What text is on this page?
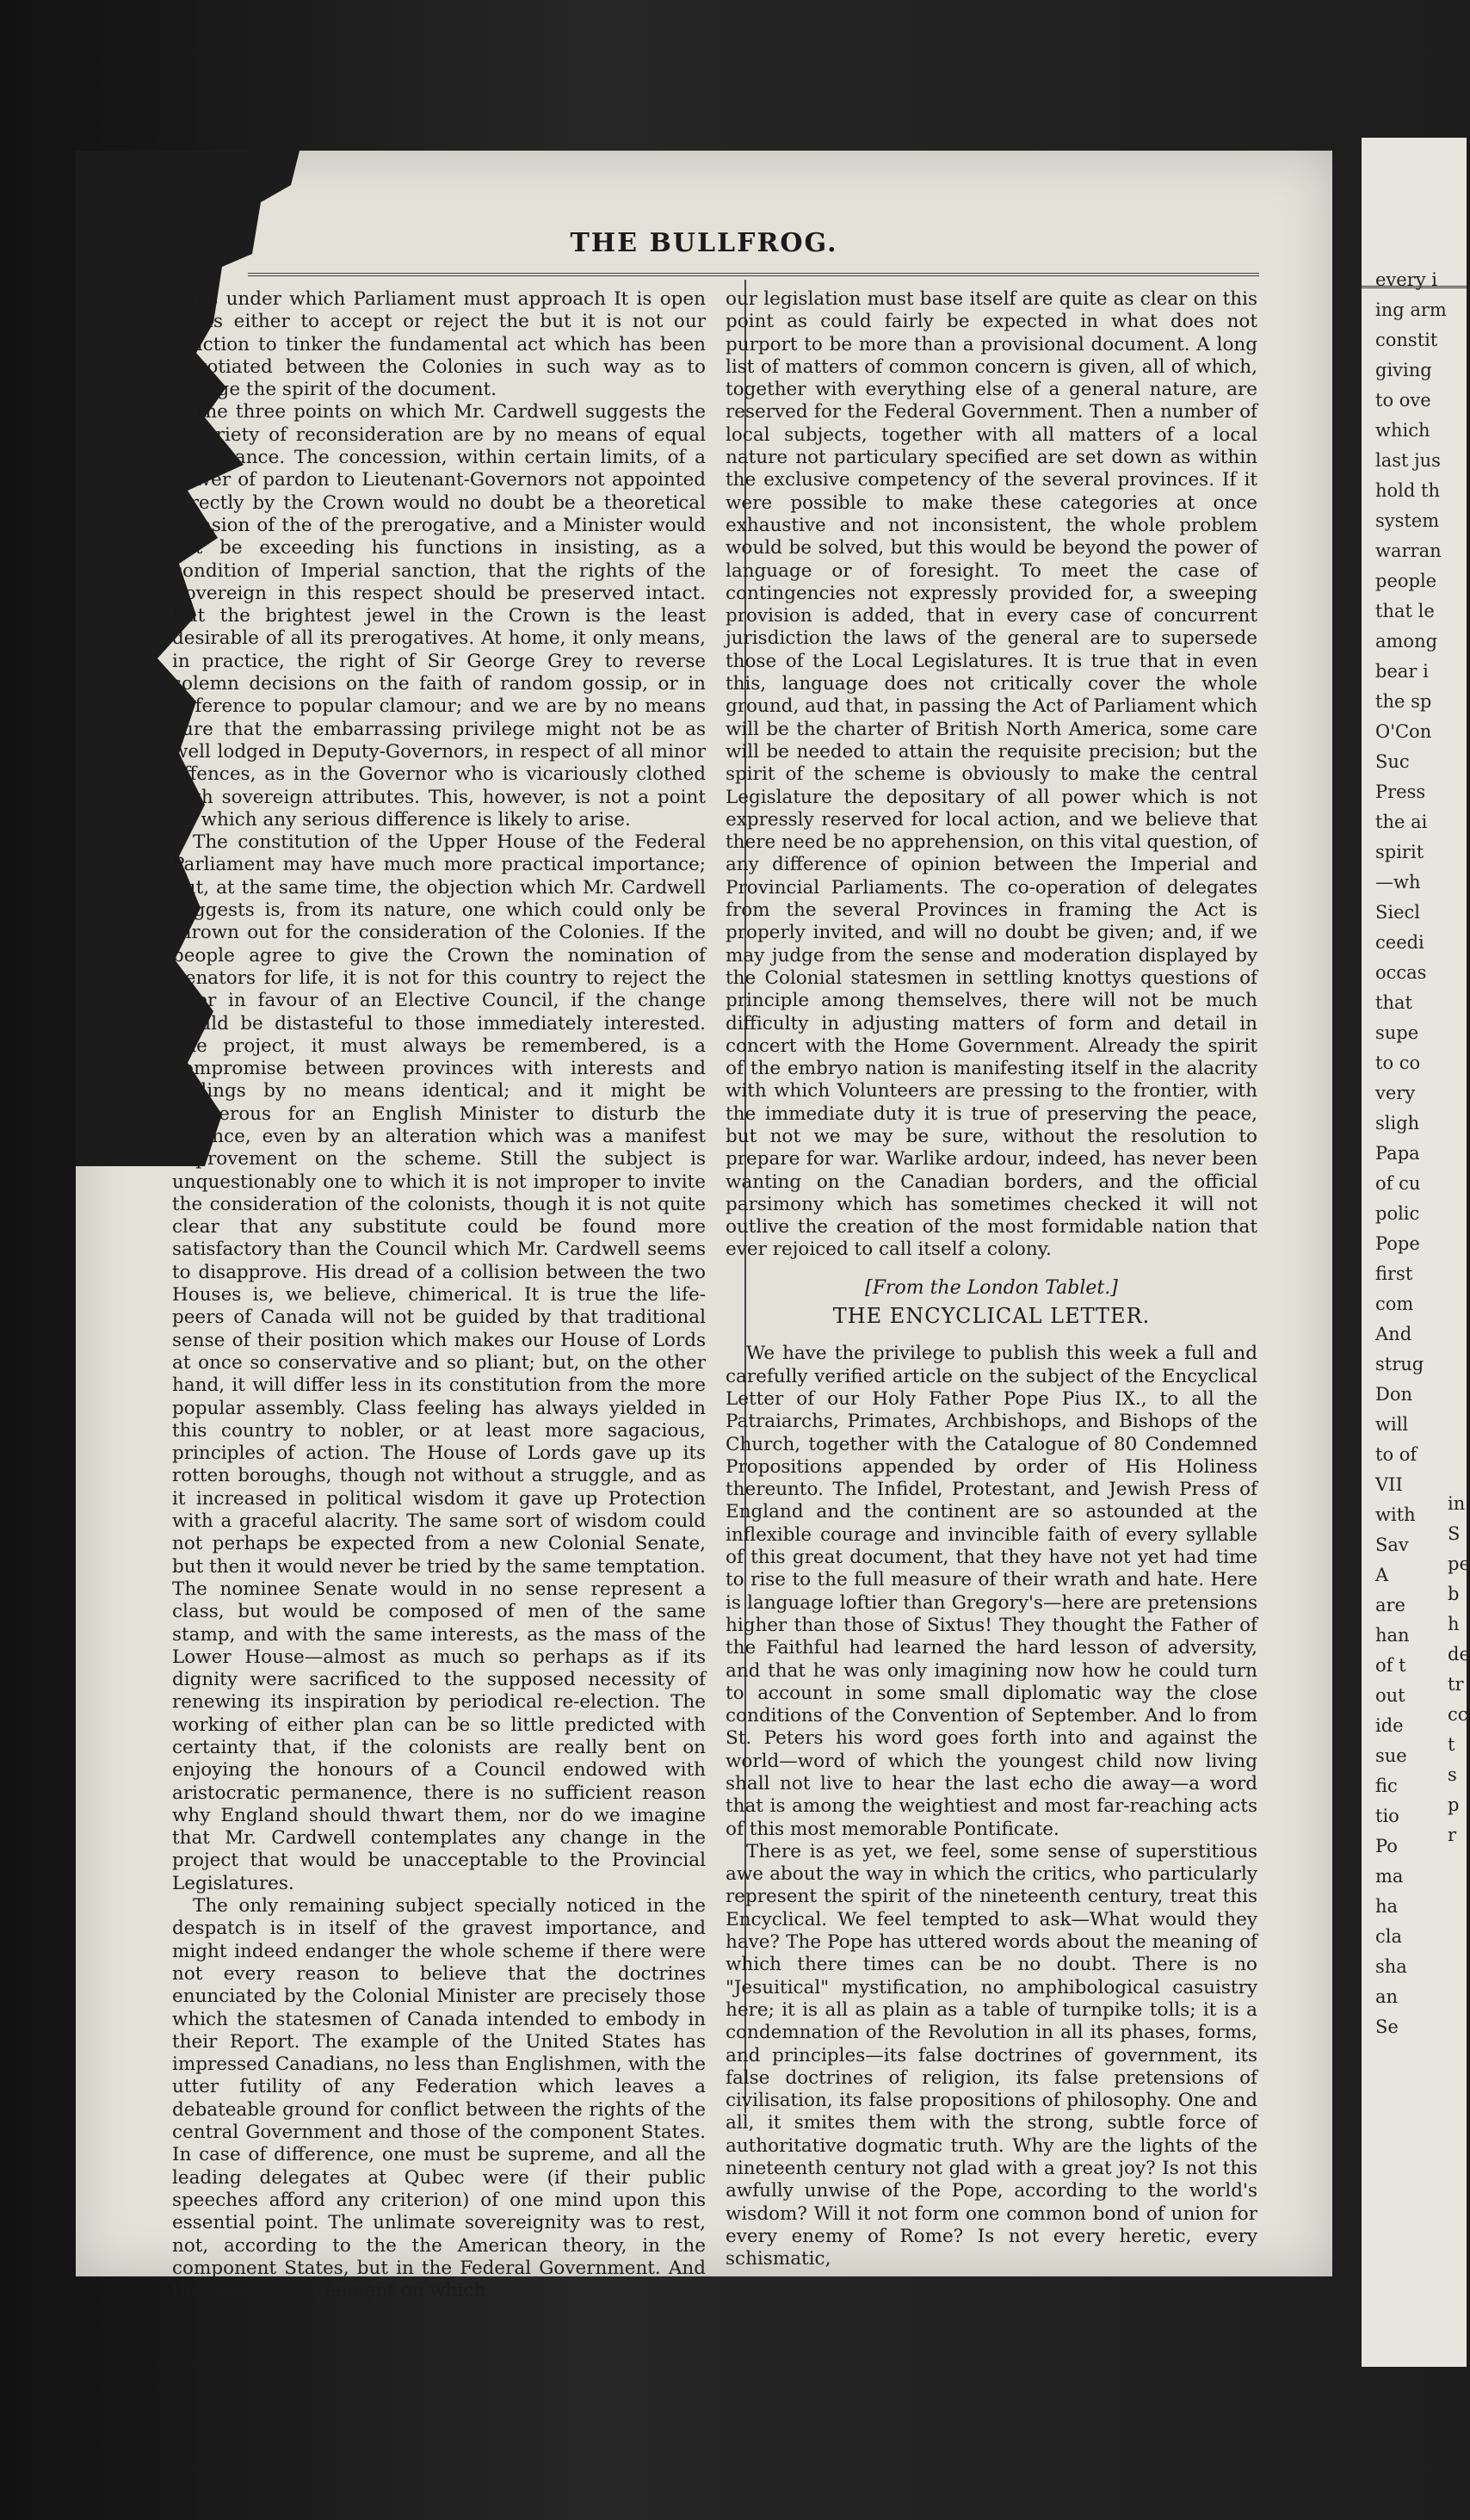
THE BULLFROG.

tions under which Parliament must approach It is open to us either to accept or reject the but it is not our function to tinker the fundamental act which has been negotiated between the Colonies in such way as to change the spirit of the document.

The three points on which Mr. Cardwell suggests the propriety of reconsideration are by no means of equal importance. The concession, within certain limits, of a power of pardon to Lieutenant-Governors not appointed directly by the Crown would no doubt be a theoretical invasion of the of the prerogative, and a Minister would not be exceeding his functions in insisting, as a condition of Imperial sanction, that the rights of the Sovereign in this respect should be preserved intact. But the brightest jewel in the Crown is the least desirable of all its prerogatives. At home, it only means, in practice, the right of Sir George Grey to reverse solemn decisions on the faith of random gossip, or in deference to popular clamour; and we are by no means sure that the embarrassing privilege might not be as well lodged in Deputy-Governors, in respect of all minor offences, as in the Governor who is vicariously clothed with sovereign attributes. This, however, is not a point on which any serious difference is likely to arise.

The constitution of the Upper House of the Federal Parliament may have much more practical importance; but, at the same time, the objection which Mr. Cardwell suggests is, from its nature, one which could only be thrown out for the consideration of the Colonies. If the people agree to give the Crown the nomination of Senators for life, it is not for this country to reject the offer in favour of an Elective Council, if the change would be distasteful to those immediately interested. The project, it must always be remembered, is a compromise between provinces with interests and feelings by no means identical; and it might be dangerous for an English Minister to disturb the balance, even by an alteration which was a manifest improvement on the scheme. Still the subject is unquestionably one to which it is not improper to invite the consideration of the colonists, though it is not quite clear that any substitute could be found more satisfactory than the Council which Mr. Cardwell seems to disapprove. His dread of a collision between the two Houses is, we believe, chimerical. It is true the life-peers of Canada will not be guided by that traditional sense of their position which makes our House of Lords at once so conservative and so pliant; but, on the other hand, it will differ less in its constitution from the more popular assembly. Class feeling has always yielded in this country to nobler, or at least more sagacious, principles of action. The House of Lords gave up its rotten boroughs, though not without a struggle, and as it increased in political wisdom it gave up Protection with a graceful alacrity. The same sort of wisdom could not perhaps be expected from a new Colonial Senate, but then it would never be tried by the same temptation. The nominee Senate would in no sense represent a class, but would be composed of men of the same stamp, and with the same interests, as the mass of the Lower House—almost as much so perhaps as if its dignity were sacrificed to the supposed necessity of renewing its inspiration by periodical re-election. The working of either plan can be so little predicted with certainty that, if the colonists are really bent on enjoying the honours of a Council endowed with aristocratic permanence, there is no sufficient reason why England should thwart them, nor do we imagine that Mr. Cardwell contemplates any change in the project that would be unacceptable to the Provincial Legislatures.

The only remaining subject specially noticed in the despatch is in itself of the gravest importance, and might indeed endanger the whole scheme if there were not every reason to believe that the doctrines enunciated by the Colonial Minister are precisely those which the statesmen of Canada intended to embody in their Report. The example of the United States has impressed Canadians, no less than Englishmen, with the utter futility of any Federation which leaves a debateable ground for conflict between the rights of the central Government and those of the component States. In case of difference, one must be supreme, and all the leading delegates at Qubec were (if their public speeches afford any criterion) of one mind upon this essential point. The unlimate sovereignity was to rest, not, according to the the American theory, in the component States, but in the Federal Government. And the heads of agreement on which

our legislation must base itself are quite as clear on this point as could fairly be expected in what does not purport to be more than a provisional document. A long list of matters of common concern is given, all of which, together with everything else of a general nature, are reserved for the Federal Government. Then a number of local subjects, together with all matters of a local nature not particulary specified are set down as within the exclusive competency of the several provinces. If it were possible to make these categories at once exhaustive and not inconsistent, the whole problem would be solved, but this would be beyond the power of language or of foresight. To meet the case of contingencies not expressly provided for, a sweeping provision is added, that in every case of concurrent jurisdiction the laws of the general are to supersede those of the Local Legislatures. It is true that in even this, language does not critically cover the whole ground, aud that, in passing the Act of Parliament which will be the charter of British North America, some care will be needed to attain the requisite precision; but the spirit of the scheme is obviously to make the central Legislature the depositary of all power which is not expressly reserved for local action, and we believe that there need be no apprehension, on this vital question, of any difference of opinion between the Imperial and Provincial Parliaments. The co-operation of delegates from the several Provinces in framing the Act is properly invited, and will no doubt be given; and, if we may judge from the sense and moderation displayed by the Colonial statesmen in settling knottys questions of principle among themselves, there will not be much difficulty in adjusting matters of form and detail in concert with the Home Government. Already the spirit of the embryo nation is manifesting itself in the alacrity with which Volunteers are pressing to the frontier, with the immediate duty it is true of preserving the peace, but not we may be sure, without the resolution to prepare for war. Warlike ardour, indeed, has never been wanting on the Canadian borders, and the official parsimony which has sometimes checked it will not outlive the creation of the most formidable nation that ever rejoiced to call itself a colony.

[From the London Tablet.]
THE ENCYCLICAL LETTER.

We have the privilege to publish this week a full and carefully verified article on the subject of the Encyclical Letter of our Holy Father Pope Pius IX., to all the Patraiarchs, Primates, Archbishops, and Bishops of the Church, together with the Catalogue of 80 Condemned Propositions appended by order of His Holiness thereunto. The Infidel, Protestant, and Jewish Press of England and the continent are so astounded at the inflexible courage and invincible faith of every syllable of this great document, that they have not yet had time to rise to the full measure of their wrath and hate. Here is language loftier than Gregory's—here are pretensions higher than those of Sixtus! They thought the Father of the Faithful had learned the hard lesson of adversity, and that he was only imagining now how he could turn to account in some small diplomatic way the close conditions of the Convention of September. And lo from St. Peters his word goes forth into and against the world—word of which the youngest child now living shall not live to hear the last echo die away—a word that is among the weightiest and most far-reaching acts of this most memorable Pontificate.

There is as yet, we feel, some sense of superstitious awe about the way in which the critics, who particularly represent the spirit of the nineteenth century, treat this Encyclical. We feel tempted to ask—What would they have? The Pope has uttered words about the meaning of which there times can be no doubt. There is no "Jesuitical" mystification, no amphibological casuistry here; it is all as plain as a table of turnpike tolls; it is a condemnation of the Revolution in all its phases, forms, and principles—its false doctrines of government, its false doctrines of religion, its false pretensions of civilisation, its false propositions of philosophy. One and all, it smites them with the strong, subtle force of authoritative dogmatic truth. Why are the lights of the nineteenth century not glad with a great joy? Is not this awfully unwise of the Pope, according to the world's wisdom? Will it not form one common bond of union for every enemy of Rome? Is not every heretic, every schismatic,

every i
ing arm
constit
giving
to ove
which
last jus
hold th
system
warran
people
that le
among
bear i
the sp
O'Con
Suc
Press
the ai
spirit
—wh
Siecl
ceedi
occas
that
supe
to co
very
sligh
Papa
of cu
polic
Pope
first
com
And
strug
Don
will
to of
VII
with
Sav
A
are
han
of t
out
ide
sue
fic
tio
Po
ma
ha
cla
sha
an
Se
in
S
pe
b
h
de
tr
cc
t
s
p
r
